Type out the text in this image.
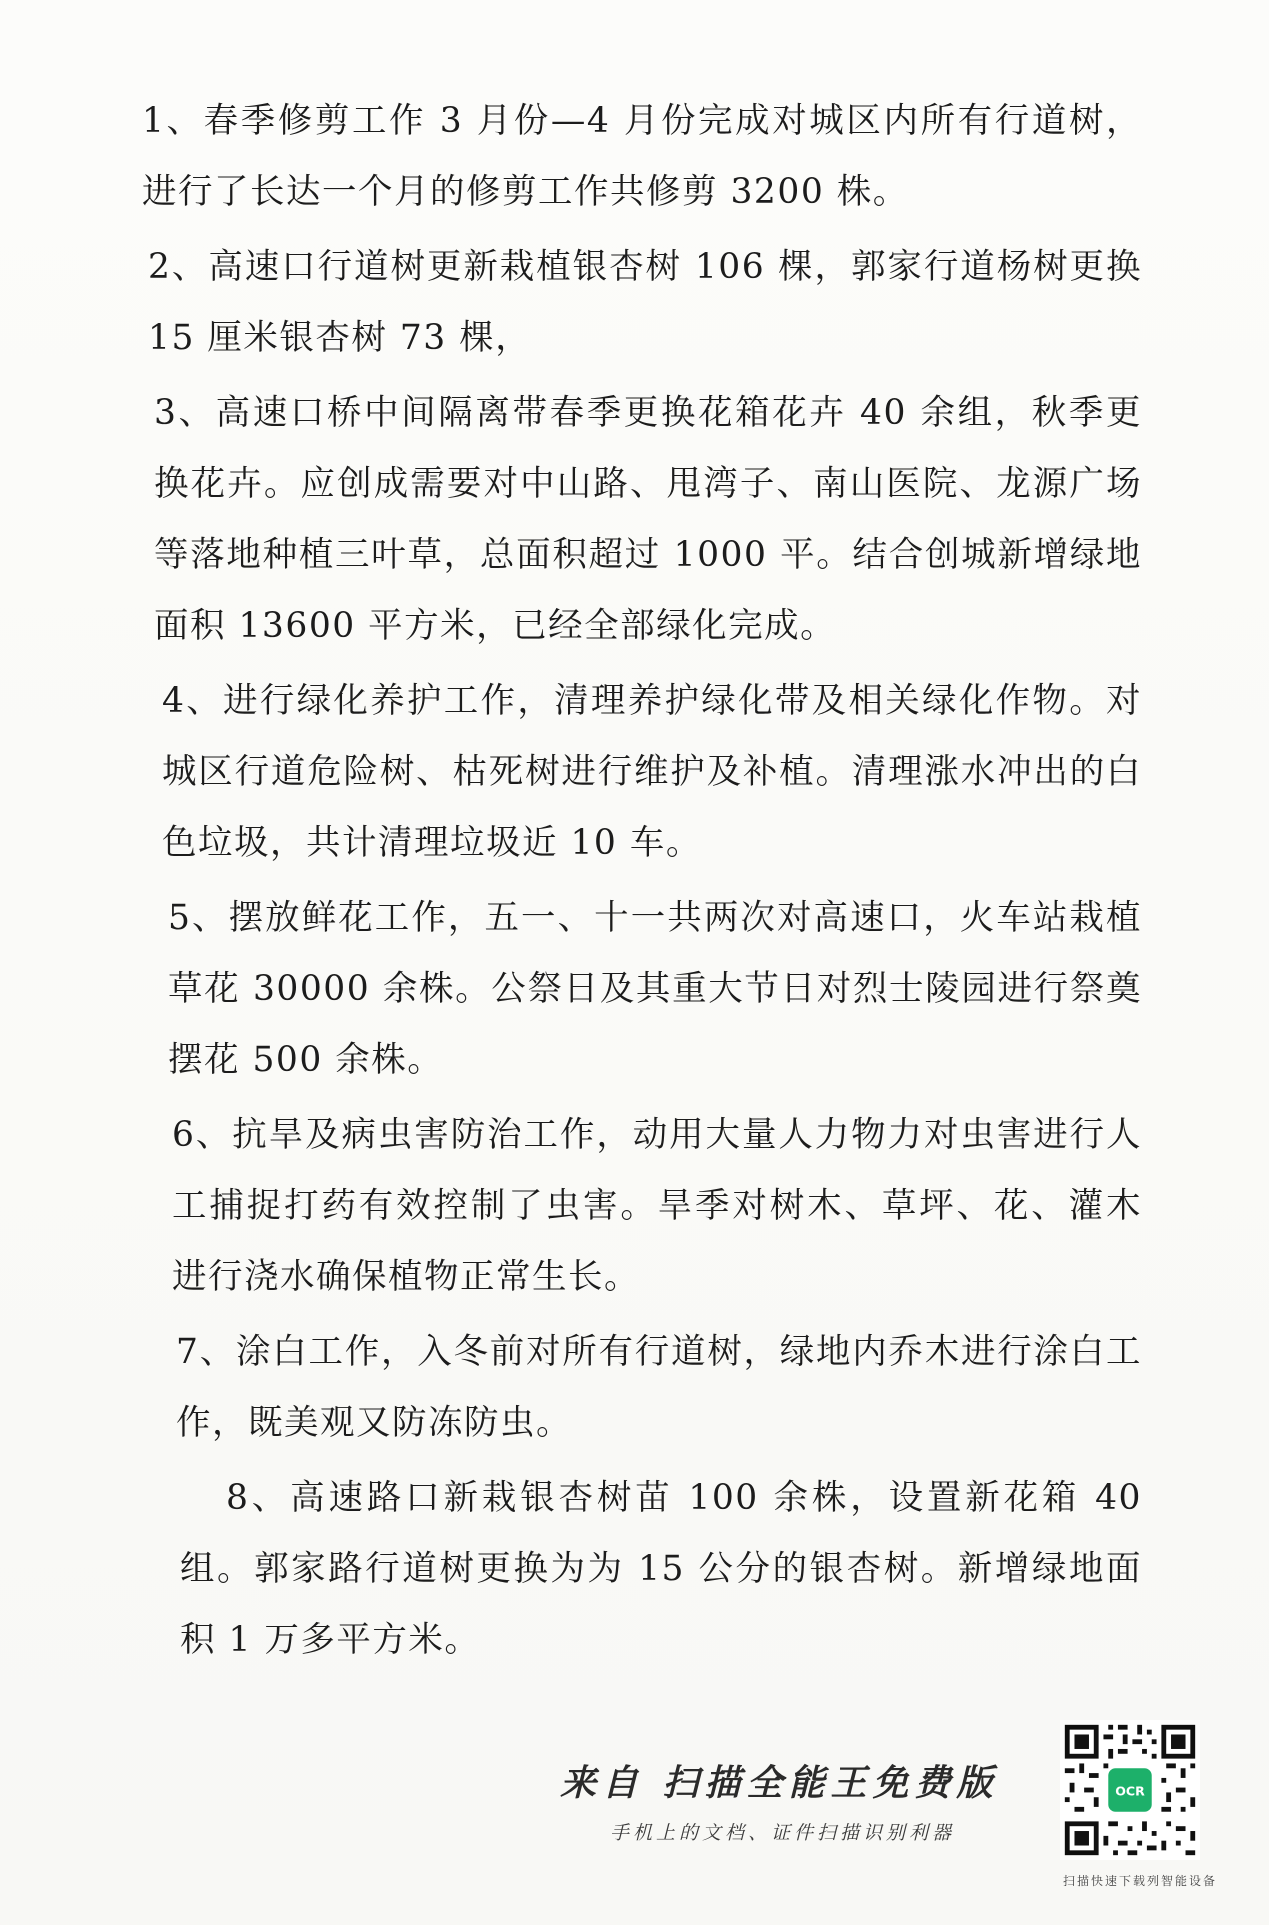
1、春季修剪工作 3 月份—4 月份完成对城区内所有行道树，进行了长达一个月的修剪工作共修剪 3200 株。

2、高速口行道树更新栽植银杏树 106 棵，郭家行道杨树更换 15 厘米银杏树 73 棵，

3、高速口桥中间隔离带春季更换花箱花卉 40 余组，秋季更换花卉。应创成需要对中山路、甩湾子、南山医院、龙源广场等落地种植三叶草，总面积超过 1000 平。结合创城新增绿地面积 13600 平方米，已经全部绿化完成。

4、进行绿化养护工作，清理养护绿化带及相关绿化作物。对城区行道危险树、枯死树进行维护及补植。清理涨水冲出的白色垃圾，共计清理垃圾近 10 车。

5、摆放鲜花工作，五一、十一共两次对高速口，火车站栽植草花 30000 余株。公祭日及其重大节日对烈士陵园进行祭奠摆花 500 余株。

6、抗旱及病虫害防治工作，动用大量人力物力对虫害进行人工捕捉打药有效控制了虫害。旱季对树木、草坪、花、灌木进行浇水确保植物正常生长。

7、涂白工作，入冬前对所有行道树，绿地内乔木进行涂白工作，既美观又防冻防虫。

8、高速路口新栽银杏树苗 100 余株，设置新花箱 40 组。郭家路行道树更换为为 15 公分的银杏树。新增绿地面积 1 万多平方米。

来自 扫描全能王免费版
手机上的文档、证件扫描识别利器
OCR
扫描快速下载列智能设备
